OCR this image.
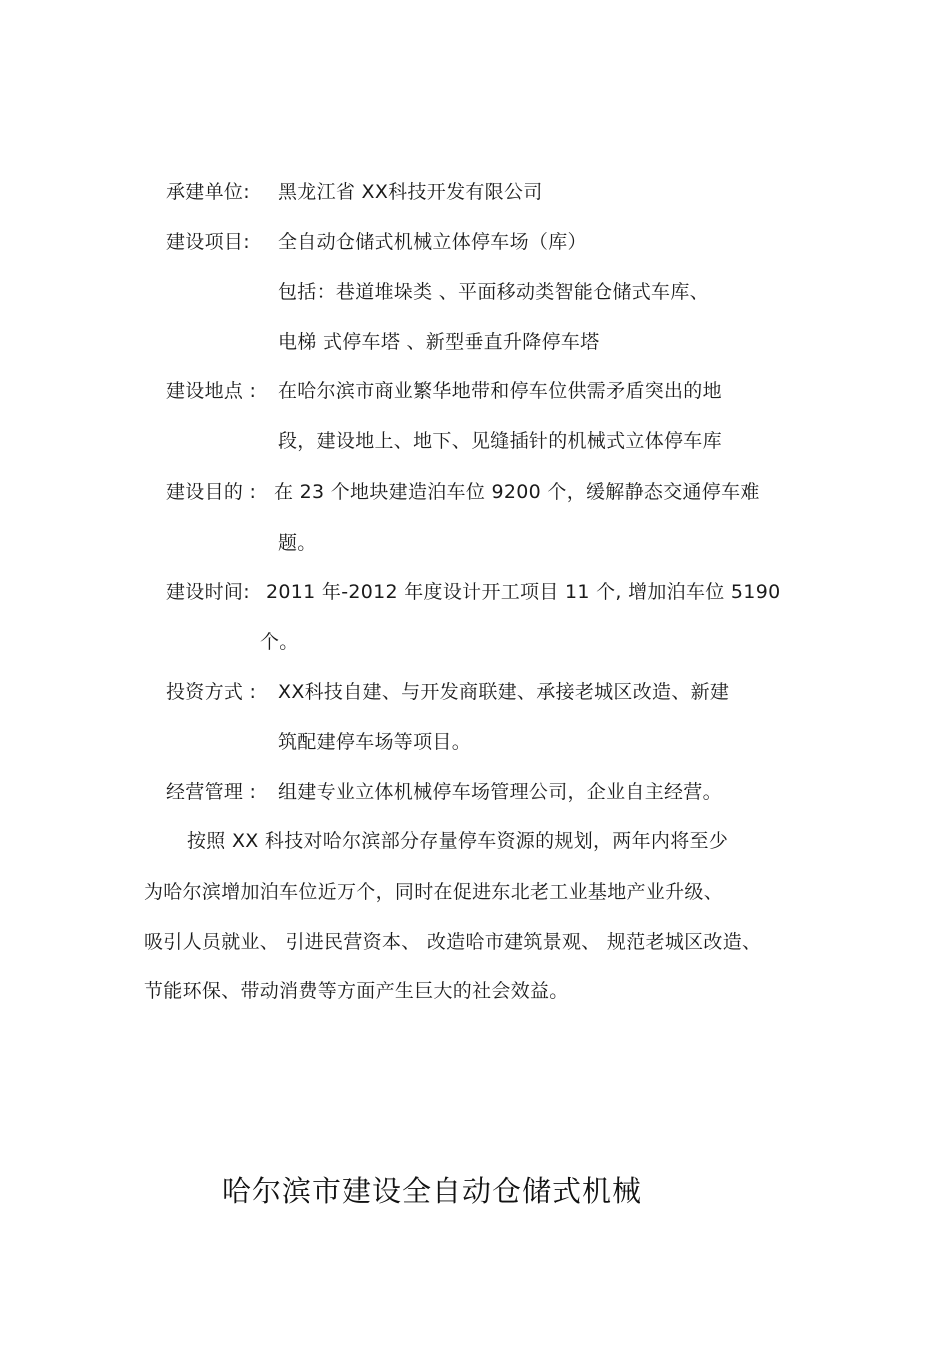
承建单位: 黑龙江省 XX科技开发有限公司
建设项目: 全自动仓储式机械立体停车场（库）
包括：巷道堆垛类 、平面移动类智能仓储式车库、
电梯 式停车塔 、新型垂直升降停车塔
建设地点 : 在哈尔滨市商业繁华地带和停车位供需矛盾突出的地
段，建设地上、地下、见缝插针的机械式立体停车库
建设目的 : 在 23 个地块建造泊车位 9200 个，缓解静态交通停车难
题。
建设时间: 2011 年-2012 年度设计开工项目 11 个, 增加泊车位 5190
个。
投资方式 : XX科技自建、与开发商联建、承接老城区改造、新建
筑配建停车场等项目。
经营管理 : 组建专业立体机械停车场管理公司，企业自主经营。
按照 XX 科技对哈尔滨部分存量停车资源的规划，两年内将至少
为哈尔滨增加泊车位近万个，同时在促进东北老工业基地产业升级、
吸引人员就业、 引进民营资本、 改造哈市建筑景观、 规范老城区改造、
节能环保、带动消费等方面产生巨大的社会效益。
哈尔滨市建设全自动仓储式机械
